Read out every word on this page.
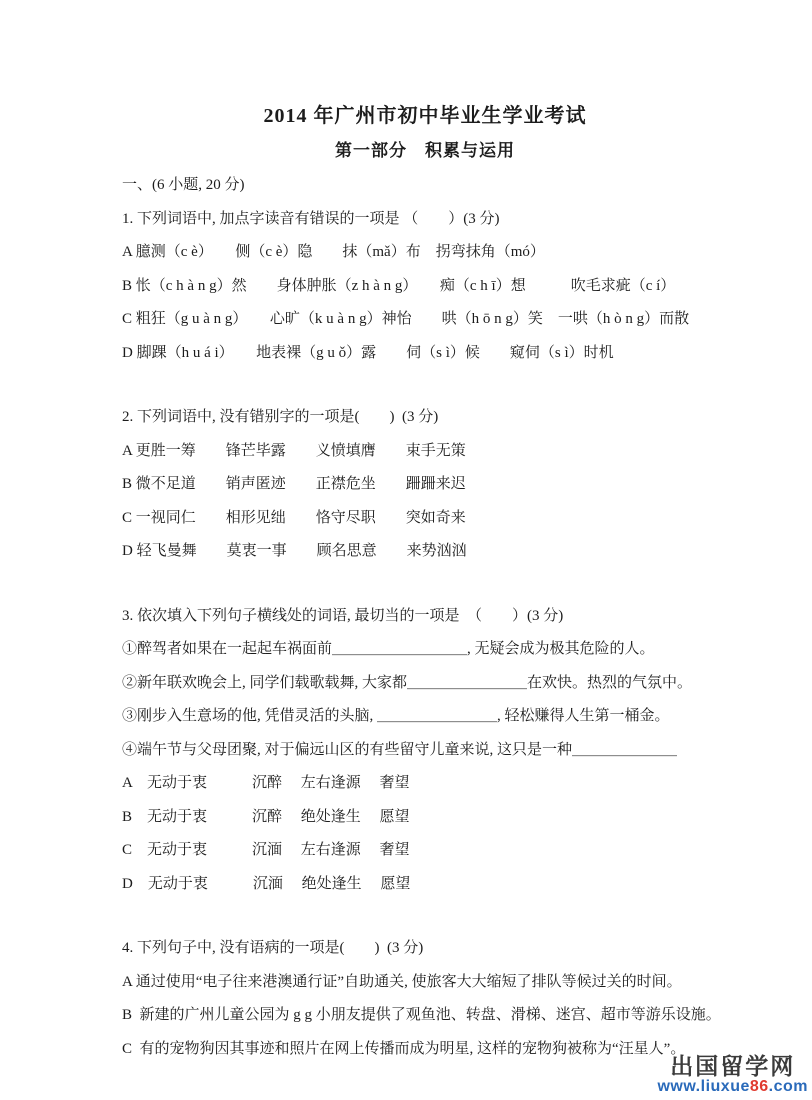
2014 年广州市初中毕业生学业考试
第一部分　积累与运用

一、(6 小题, 20 分)

1. 下列词语中, 加点字读音有错误的一项是 （　　）(3 分)

A 臆测（c è）　　侧（c è）隐　　抹（mǎ）布　拐弯抹角（mó）

B 怅（c h à n g）然　　身体肿胀（z h à n g）　　痴（c h ī）想　　　吹毛求疵（c í）

C 粗狂（g u à n g）　　心旷（k u à n g）神怡　　哄（h ō n g）笑　一哄（h ò n g）而散

D 脚踝（h u á i）　　地表裸（g u ǒ）露　　伺（s ì）候　　窥伺（s ì）时机

2. 下列词语中, 没有错别字的一项是(　　)  (3 分)

A 更胜一筹　　锋芒毕露　　义愤填膺　　束手无策

B 微不足道　　销声匿迹　　正襟危坐　　跚跚来迟

C 一视同仁　　相形见绌　　恪守尽职　　突如奇来

D 轻飞曼舞　　莫衷一事　　顾名思意　　来势汹汹

3. 依次填入下列句子横线处的词语, 最切当的一项是　（　　）(3 分)

①醉驾者如果在一起起车祸面前＿＿＿＿＿＿＿＿＿, 无疑会成为极其危险的人。

②新年联欢晚会上, 同学们载歌载舞, 大家都＿＿＿＿＿＿＿＿在欢快。热烈的气氛中。

③刚步入生意场的他, 凭借灵活的头脑, ＿＿＿＿＿＿＿＿, 轻松赚得人生第一桶金。

④端午节与父母团聚, 对于偏远山区的有些留守儿童来说, 这只是一种＿＿＿＿＿＿＿

A　无动于衷　　　沉醉　 左右逢源　 奢望

B　无动于衷　　　沉醉　 绝处逢生　 愿望

C　无动于衷　　　沉湎　 左右逢源　 奢望

D　无动于衷　　　沉湎　 绝处逢生　 愿望

4. 下列句子中, 没有语病的一项是(　　)  (3 分)

A 通过使用“电子往来港澳通行证”自助通关, 使旅客大大缩短了排队等候过关的时间。

B  新建的广州儿童公园为 g g 小朋友提供了观鱼池、转盘、滑梯、迷宫、超市等游乐设施。

C  有的宠物狗因其事迹和照片在网上传播而成为明星, 这样的宠物狗被称为“汪星人”。

出国留学网
www.liuxue86.com
